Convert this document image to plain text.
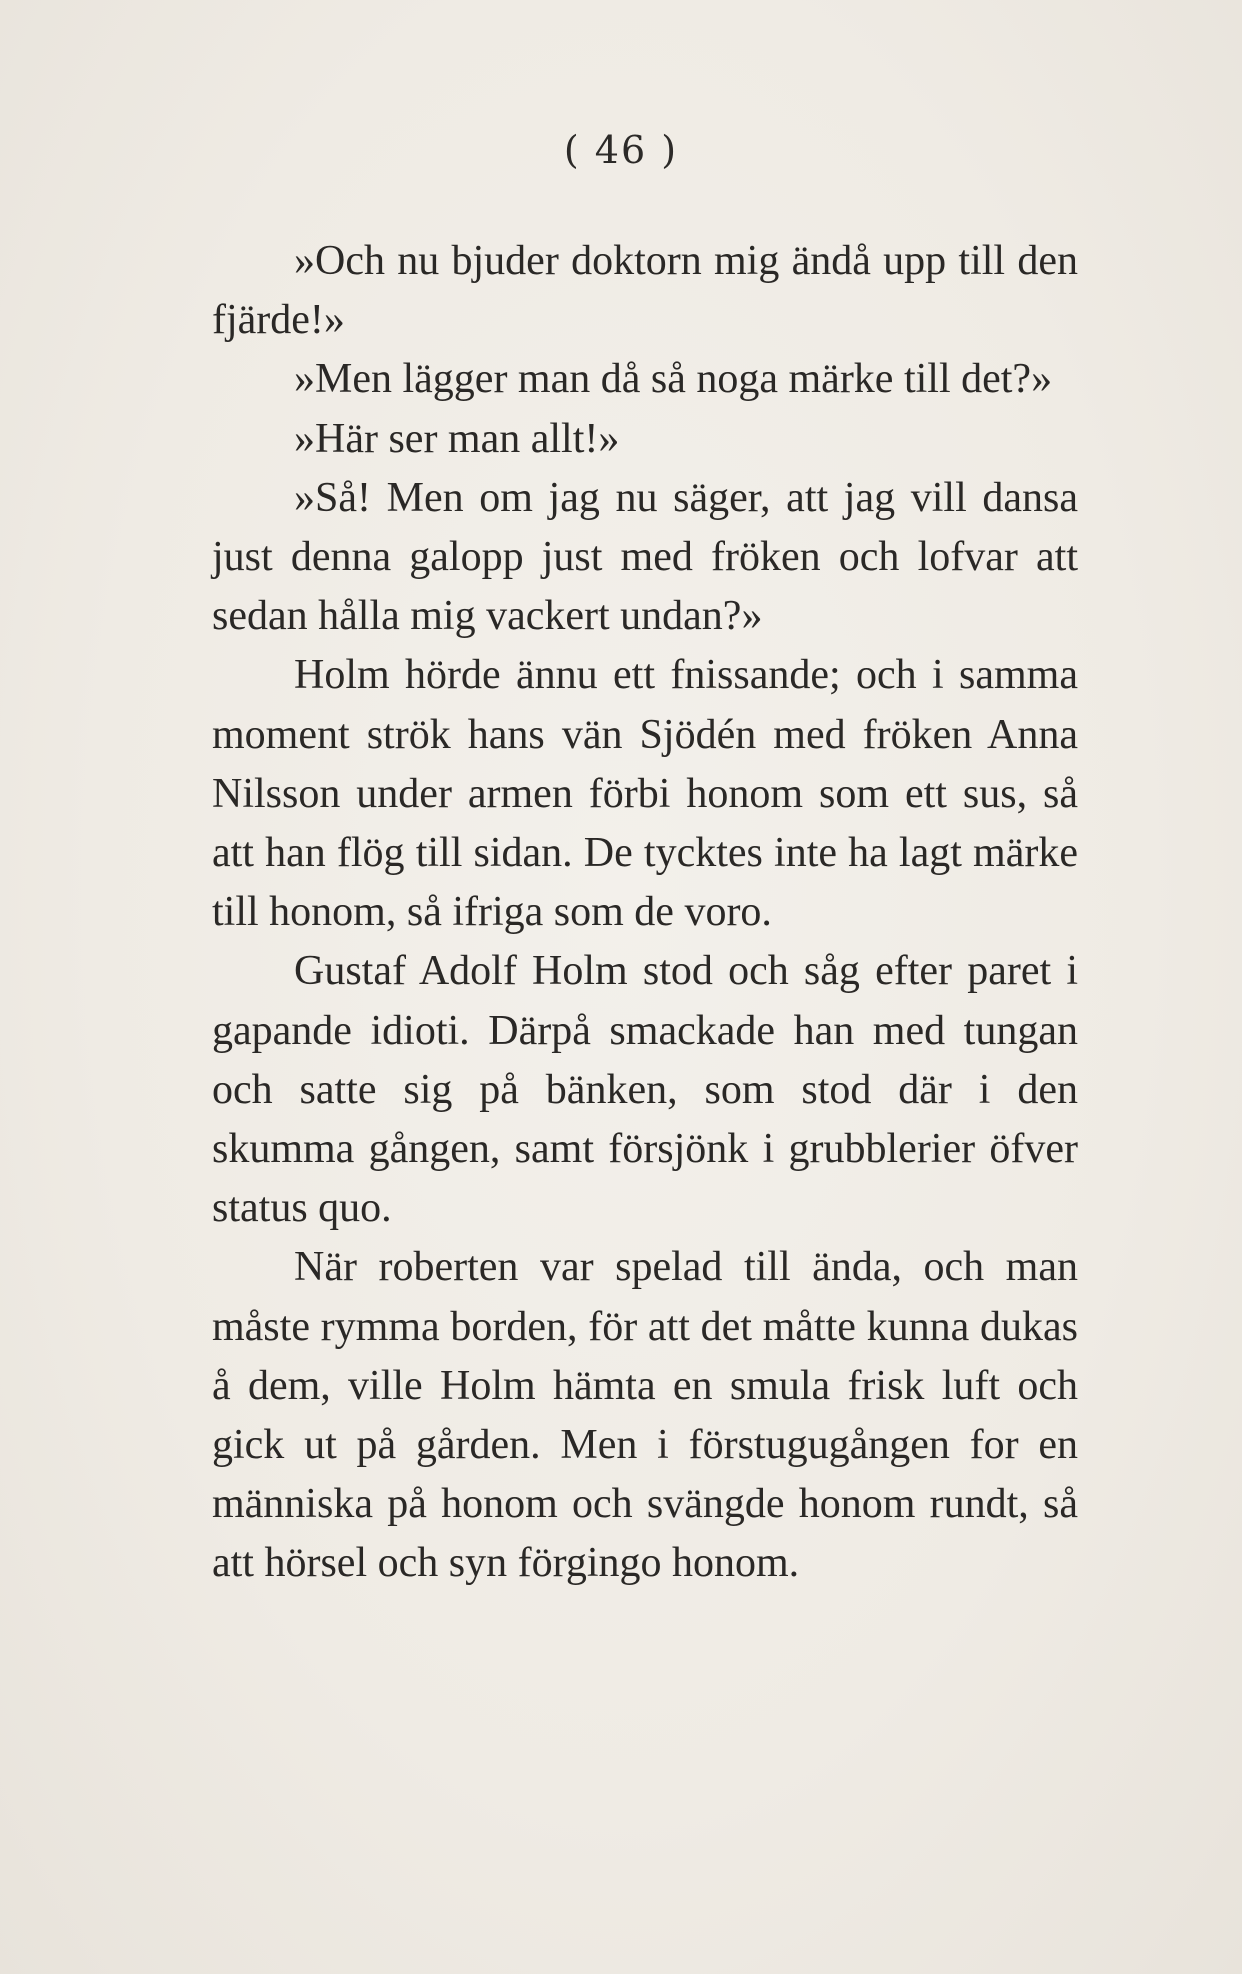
( 46 )

»Och nu bjuder doktorn mig ändå upp till den fjärde!»

»Men lägger man då så noga märke till det?»

»Här ser man allt!»

»Så! Men om jag nu säger, att jag vill dansa just denna galopp just med fröken och lofvar att sedan hålla mig vackert undan?»

Holm hörde ännu ett fnissande; och i samma moment strök hans vän Sjödén med fröken Anna Nilsson under armen förbi honom som ett sus, så att han flög till sidan. De tycktes inte ha lagt märke till honom, så ifriga som de voro.

Gustaf Adolf Holm stod och såg efter paret i gapande idioti. Därpå smackade han med tungan och satte sig på bänken, som stod där i den skumma gången, samt försjönk i grubblerier öfver status quo.

När roberten var spelad till ända, och man måste rymma borden, för att det måtte kunna dukas å dem, ville Holm hämta en smula frisk luft och gick ut på gården. Men i förstugugången for en människa på honom och svängde honom rundt, så att hörsel och syn förgingo honom.
